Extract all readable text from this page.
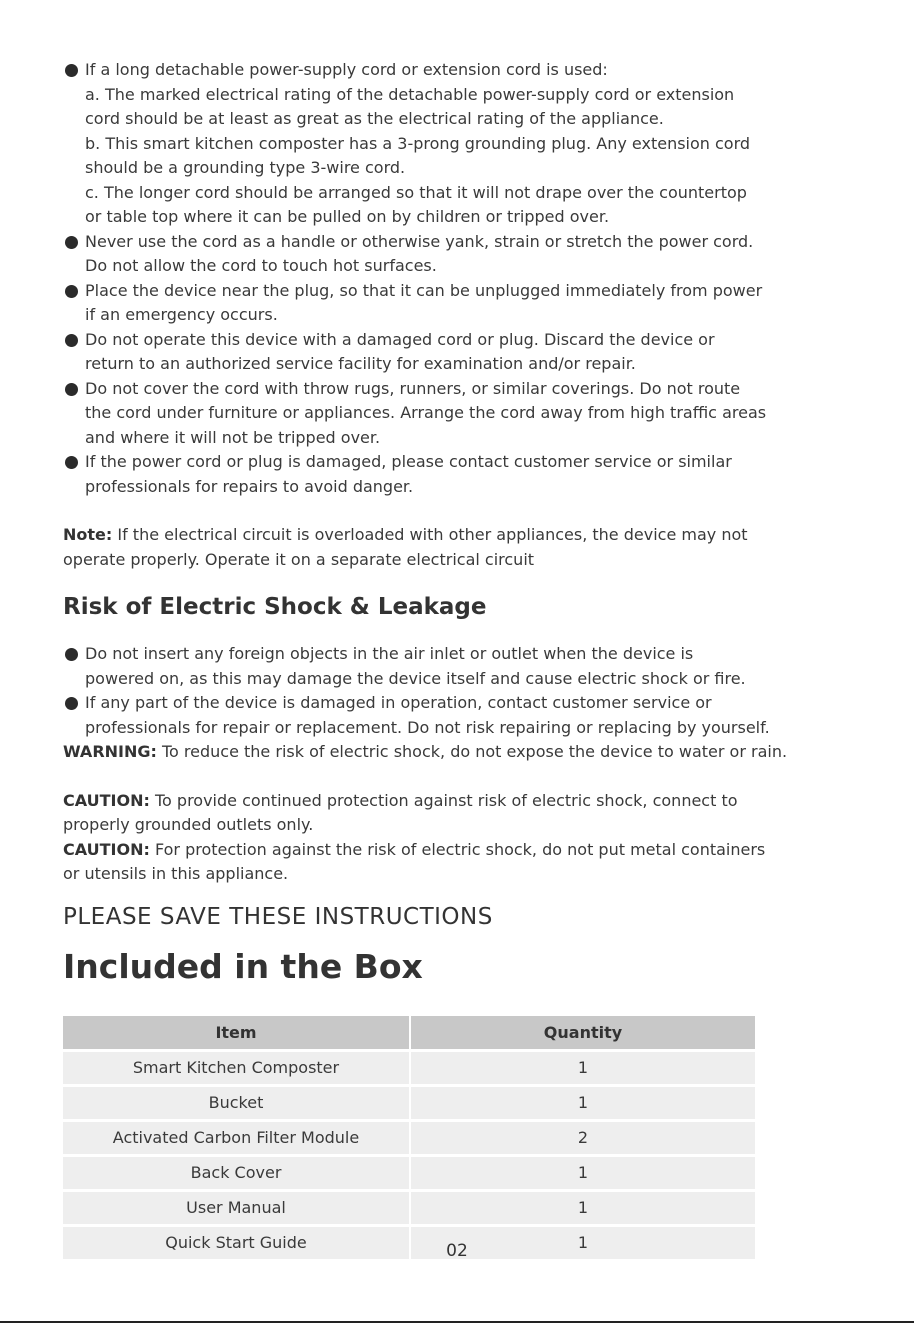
If a long detachable power-supply cord or extension cord is used:
a. The marked electrical rating of the detachable power-supply cord or extension
cord should be at least as great as the electrical rating of the appliance.
b. This smart kitchen composter has a 3-prong grounding plug. Any extension cord
should be a grounding type 3-wire cord.
c. The longer cord should be arranged so that it will not drape over the countertop
or table top where it can be pulled on by children or tripped over.
Never use the cord as a handle or otherwise yank, strain or stretch the power cord.
Do not allow the cord to touch hot surfaces.
Place the device near the plug, so that it can be unplugged immediately from power
if an emergency occurs.
Do not operate this device with a damaged cord or plug. Discard the device or
return to an authorized service facility for examination and/or repair.
Do not cover the cord with throw rugs, runners, or similar coverings. Do not route
the cord under furniture or appliances. Arrange the cord away from high traffic areas
and where it will not be tripped over.
If the power cord or plug is damaged, please contact customer service or similar
professionals for repairs to avoid danger.
Note: If the electrical circuit is overloaded with other appliances, the device may not
operate properly. Operate it on a separate electrical circuit
Risk of Electric Shock & Leakage
Do not insert any foreign objects in the air inlet or outlet when the device is
powered on, as this may damage the device itself and cause electric shock or fire.
If any part of the device is damaged in operation, contact customer service or
professionals for repair or replacement. Do not risk repairing or replacing by yourself.
WARNING: To reduce the risk of electric shock, do not expose the device to water or rain.
CAUTION: To provide continued protection against risk of electric shock, connect to
properly grounded outlets only.
CAUTION: For protection against the risk of electric shock, do not put metal containers
or utensils in this appliance.
PLEASE SAVE THESE INSTRUCTIONS
Included in the Box
Item	Quantity
Smart Kitchen Composter	1
Bucket	1
Activated Carbon Filter Module	2
Back Cover	1
User Manual	1
Quick Start Guide	1
02
